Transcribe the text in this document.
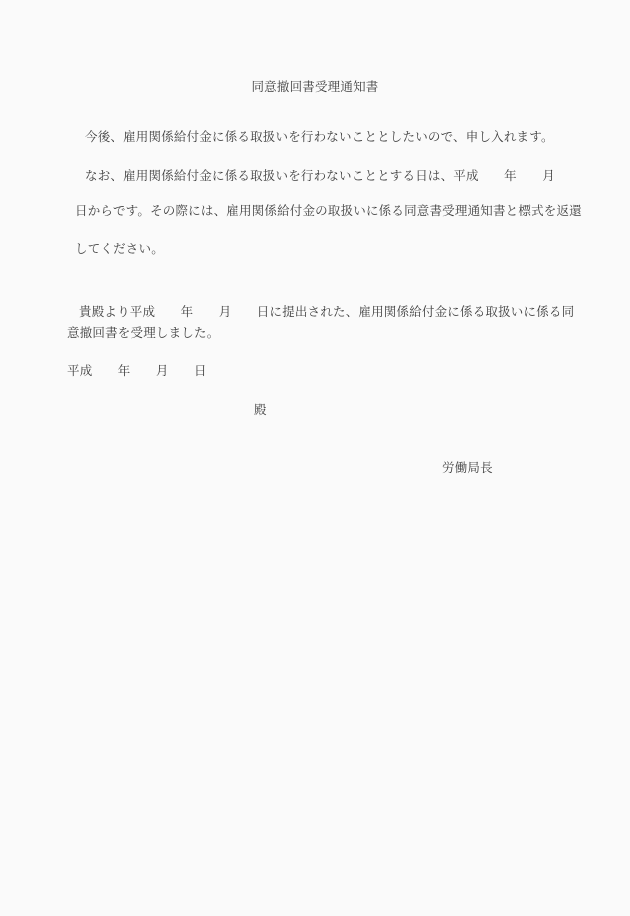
同意撤回書受理通知書
今後、雇用関係給付金に係る取扱いを行わないこととしたいので、申し入れます。
なお、雇用関係給付金に係る取扱いを行わないこととする日は、平成　　年　　月
日からです。その際には、雇用関係給付金の取扱いに係る同意書受理通知書と標式を返還
してください。
貴殿より平成　　年　　月　　日に提出された、雇用関係給付金に係る取扱いに係る同
意撤回書を受理しました。
平成　　年　　月　　日
殿
労働局長
